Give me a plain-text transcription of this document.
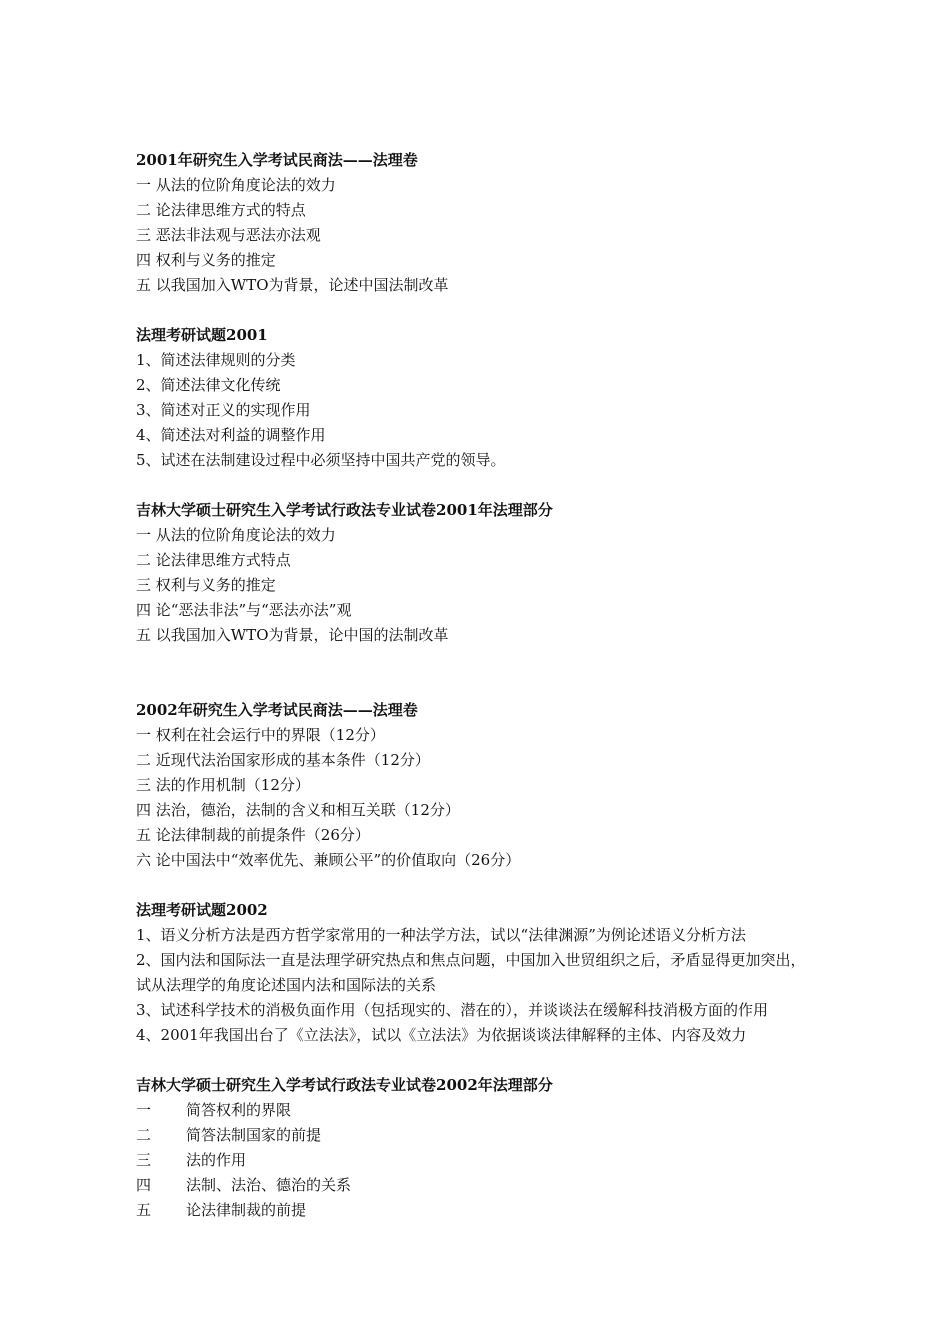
2001年研究生入学考试民商法——法理卷

一 从法的位阶角度论法的效力

二 论法律思维方式的特点

三 恶法非法观与恶法亦法观

四 权利与义务的推定

五 以我国加入WTO为背景，论述中国法制改革

法理考研试题2001

1、简述法律规则的分类

2、简述法律文化传统

3、简述对正义的实现作用

4、简述法对利益的调整作用

5、试述在法制建设过程中必须坚持中国共产党的领导。

吉林大学硕士研究生入学考试行政法专业试卷2001年法理部分

一 从法的位阶角度论法的效力

二 论法律思维方式特点

三 权利与义务的推定

四 论“恶法非法”与“恶法亦法”观

五 以我国加入WTO为背景，论中国的法制改革

2002年研究生入学考试民商法——法理卷

一 权利在社会运行中的界限（12分）

二 近现代法治国家形成的基本条件（12分）

三 法的作用机制（12分）

四 法治，德治，法制的含义和相互关联（12分）

五 论法律制裁的前提条件（26分）

六 论中国法中“效率优先、兼顾公平”的价值取向（26分）

法理考研试题2002

1、语义分析方法是西方哲学家常用的一种法学方法，试以“法律渊源”为例论述语义分析方法

2、国内法和国际法一直是法理学研究热点和焦点问题，中国加入世贸组织之后，矛盾显得更加突出，

试从法理学的角度论述国内法和国际法的关系

3、试述科学技术的消极负面作用（包括现实的、潜在的），并谈谈法在缓解科技消极方面的作用

4、2001年我国出台了《立法法》，试以《立法法》为依据谈谈法律解释的主体、内容及效力

吉林大学硕士研究生入学考试行政法专业试卷2002年法理部分

一 简答权利的界限

二 简答法制国家的前提

三 法的作用

四 法制、法治、德治的关系

五 论法律制裁的前提
